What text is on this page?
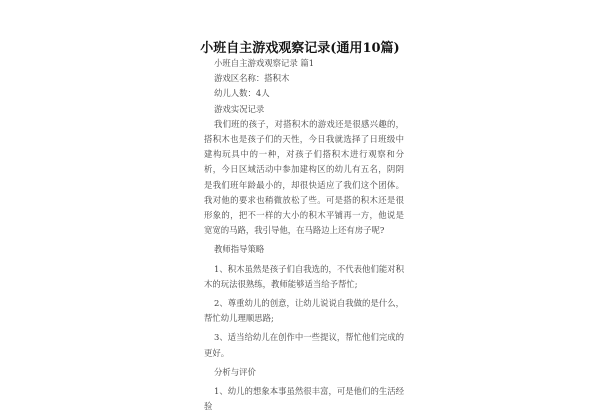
小班自主游戏观察记录(通用10篇)

小班自主游戏观察记录 篇1

游戏区名称：搭积木

幼儿人数：4人

游戏实况记录

我们班的孩子，对搭积木的游戏还是很感兴趣的，搭积木也是孩子们的天性，今日我就选择了日班级中建构玩具中的一种，对孩子们搭积木进行观察和分析，今日区域活动中参加建构区的幼儿有五名，阴阴是我们班年龄最小的，却很快适应了我们这个团体。我对他的要求也稍微放松了些。可是搭的积木还是很形象的，把不一样的大小的积木平铺再一方，他说是宽宽的马路，我引导他，在马路边上还有房子呢?

教师指导策略

1、积木虽然是孩子们自我选的，不代表他们能对积木的玩法很熟练，教师能够适当给予帮忙;

2、尊重幼儿的创意，让幼儿说说自我做的是什么，帮忙幼儿理顺思路;

3、适当给幼儿在创作中一些提议，帮忙他们完成的更好。

分析与评价

1、幼儿的想象本事虽然很丰富，可是他们的生活经验
